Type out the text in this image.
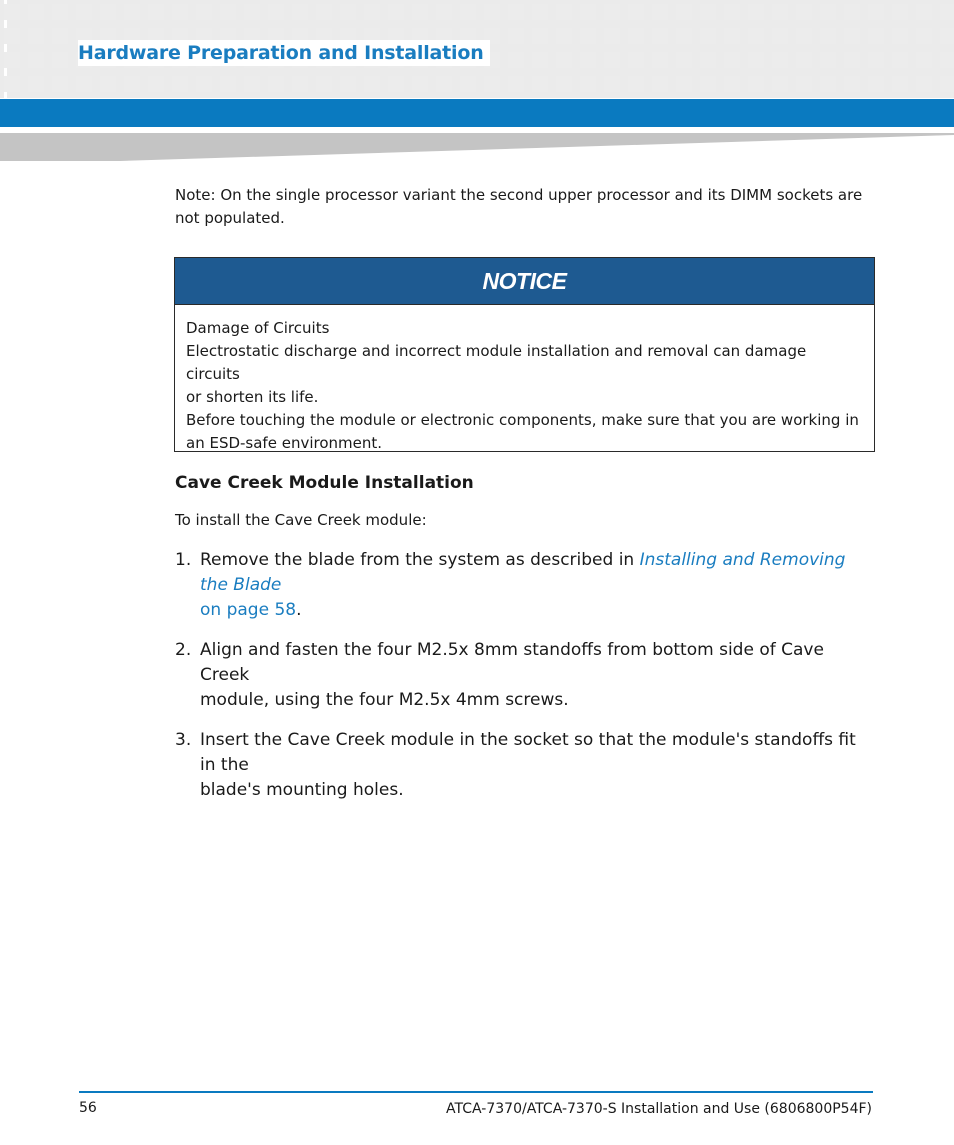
Hardware Preparation and Installation
Note: On the single processor variant the second upper processor and its DIMM sockets are
not populated.
NOTICE
Damage of Circuits
Electrostatic discharge and incorrect module installation and removal can damage circuits
or shorten its life.
Before touching the module or electronic components, make sure that you are working in
an ESD-safe environment.
Cave Creek Module Installation
To install the Cave Creek module:
1. Remove the blade from the system as described in Installing and Removing the Blade
on page 58.
2. Align and fasten the four M2.5x 8mm standoffs from bottom side of Cave Creek
module, using the four M2.5x 4mm screws.
3. Insert the Cave Creek module in the socket so that the module's standoffs fit in the
blade's mounting holes.
56	ATCA-7370/ATCA-7370-S Installation and Use (6806800P54F)
